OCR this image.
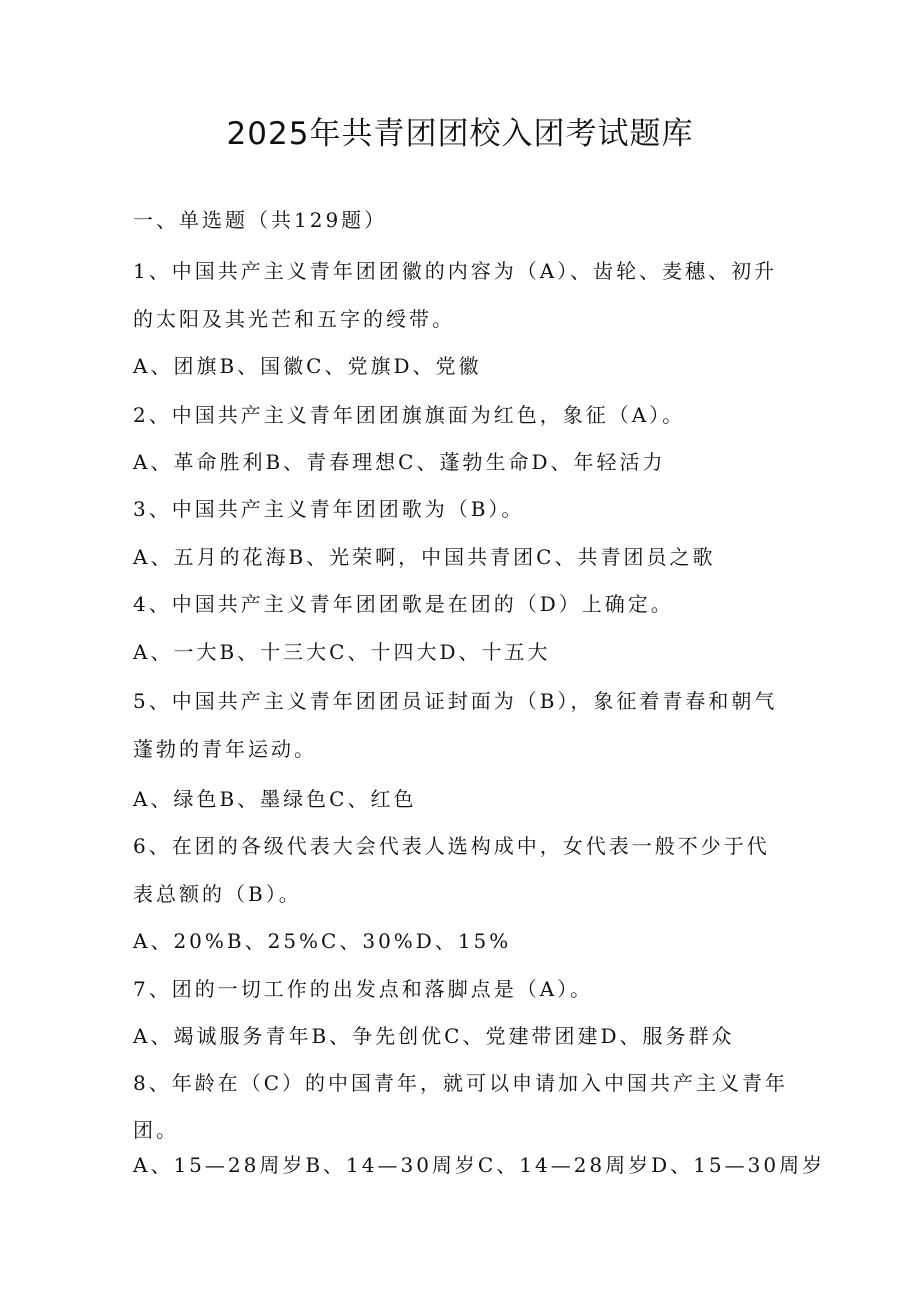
2025年共青团团校入团考试题库
一、单选题（共129题）
1、中国共产主义青年团团徽的内容为（A）、齿轮、麦穗、初升
的太阳及其光芒和五字的绶带。
A、团旗B、国徽C、党旗D、党徽
2、中国共产主义青年团团旗旗面为红色，象征（A）。
A、革命胜利B、青春理想C、蓬勃生命D、年轻活力
3、中国共产主义青年团团歌为（B）。
A、五月的花海B、光荣啊，中国共青团C、共青团员之歌
4、中国共产主义青年团团歌是在团的（D）上确定。
A、一大B、十三大C、十四大D、十五大
5、中国共产主义青年团团员证封面为（B），象征着青春和朝气
蓬勃的青年运动。
A、绿色B、墨绿色C、红色
6、在团的各级代表大会代表人选构成中，女代表一般不少于代
表总额的（B）。
A、20%B、25%C、30%D、15%
7、团的一切工作的出发点和落脚点是（A）。
A、竭诚服务青年B、争先创优C、党建带团建D、服务群众
8、年龄在（C）的中国青年，就可以申请加入中国共产主义青年
团。
A、15—28周岁B、14—30周岁C、14—28周岁D、15—30周岁
